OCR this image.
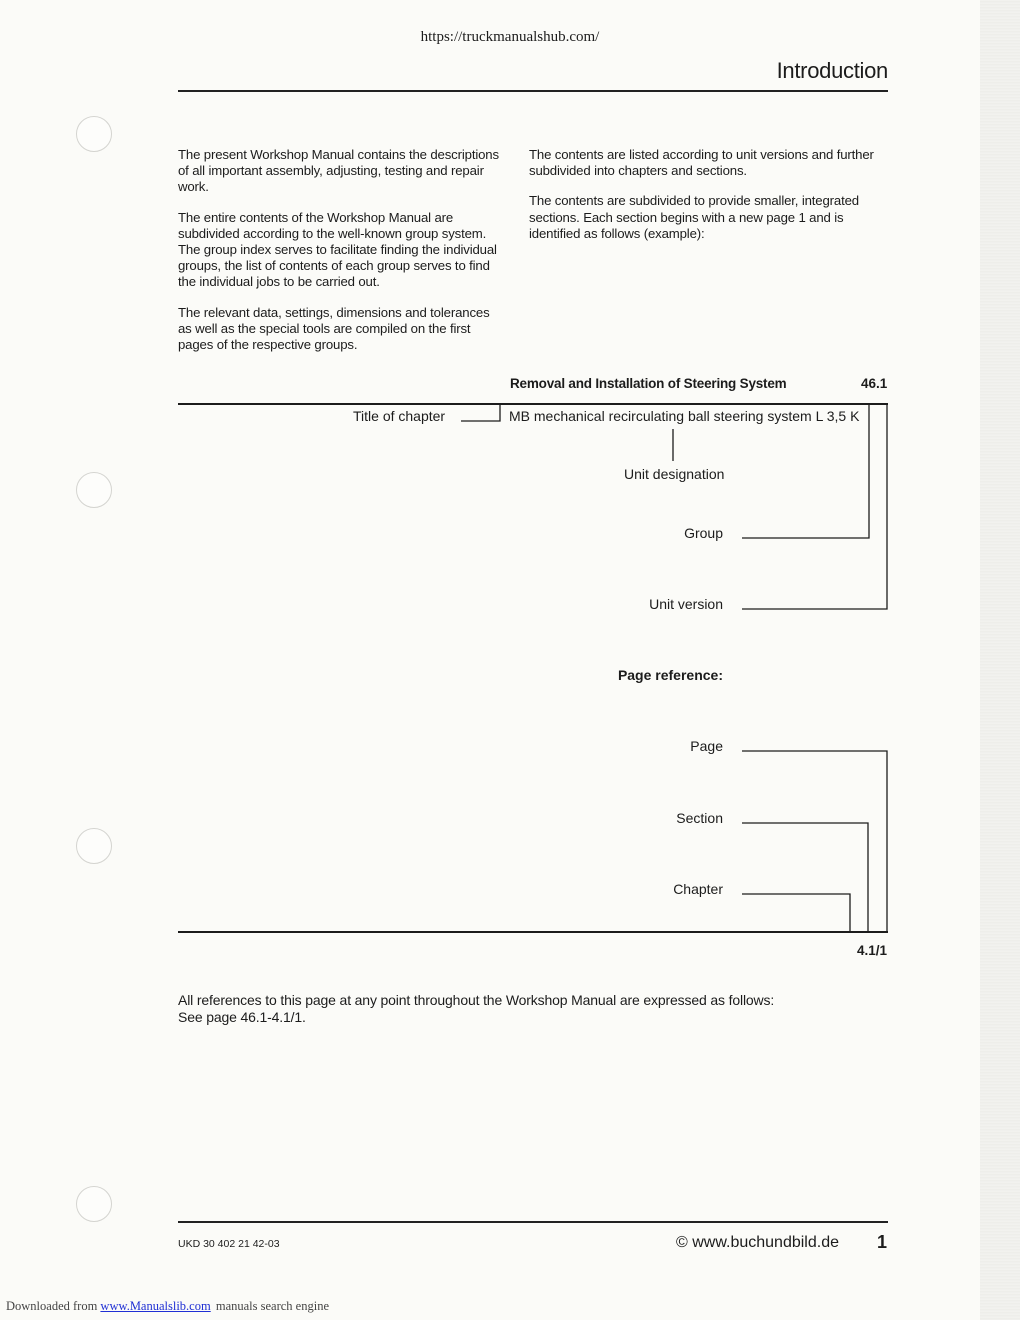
https://truckmanualshub.com/
Introduction

The present Workshop Manual contains the descriptions of all important assembly, adjusting, testing and repair work.

The entire contents of the Workshop Manual are subdivided according to the well-known group system. The group index serves to facilitate finding the individual groups, the list of contents of each group serves to find the individual jobs to be carried out.

The relevant data, settings, dimensions and tolerances as well as the special tools are compiled on the first pages of the respective groups.

The contents are listed according to unit versions and further subdivided into chapters and sections.

The contents are subdivided to provide smaller, integrated sections. Each section begins with a new page 1 and is identified as follows (example):

Removal and Installation of Steering System	46.1
Title of chapter	MB mechanical recirculating ball steering system L 3,5 K
Unit designation
Group
Unit version
Page reference:
Page
Section
Chapter
4.1/1
All references to this page at any point throughout the Workshop Manual are expressed as follows:
See page 46.1-4.1/1.
UKD 30 402 21 42-03	© www.buchundbild.de 1
Downloaded from www.Manualslib.com manuals search engine
